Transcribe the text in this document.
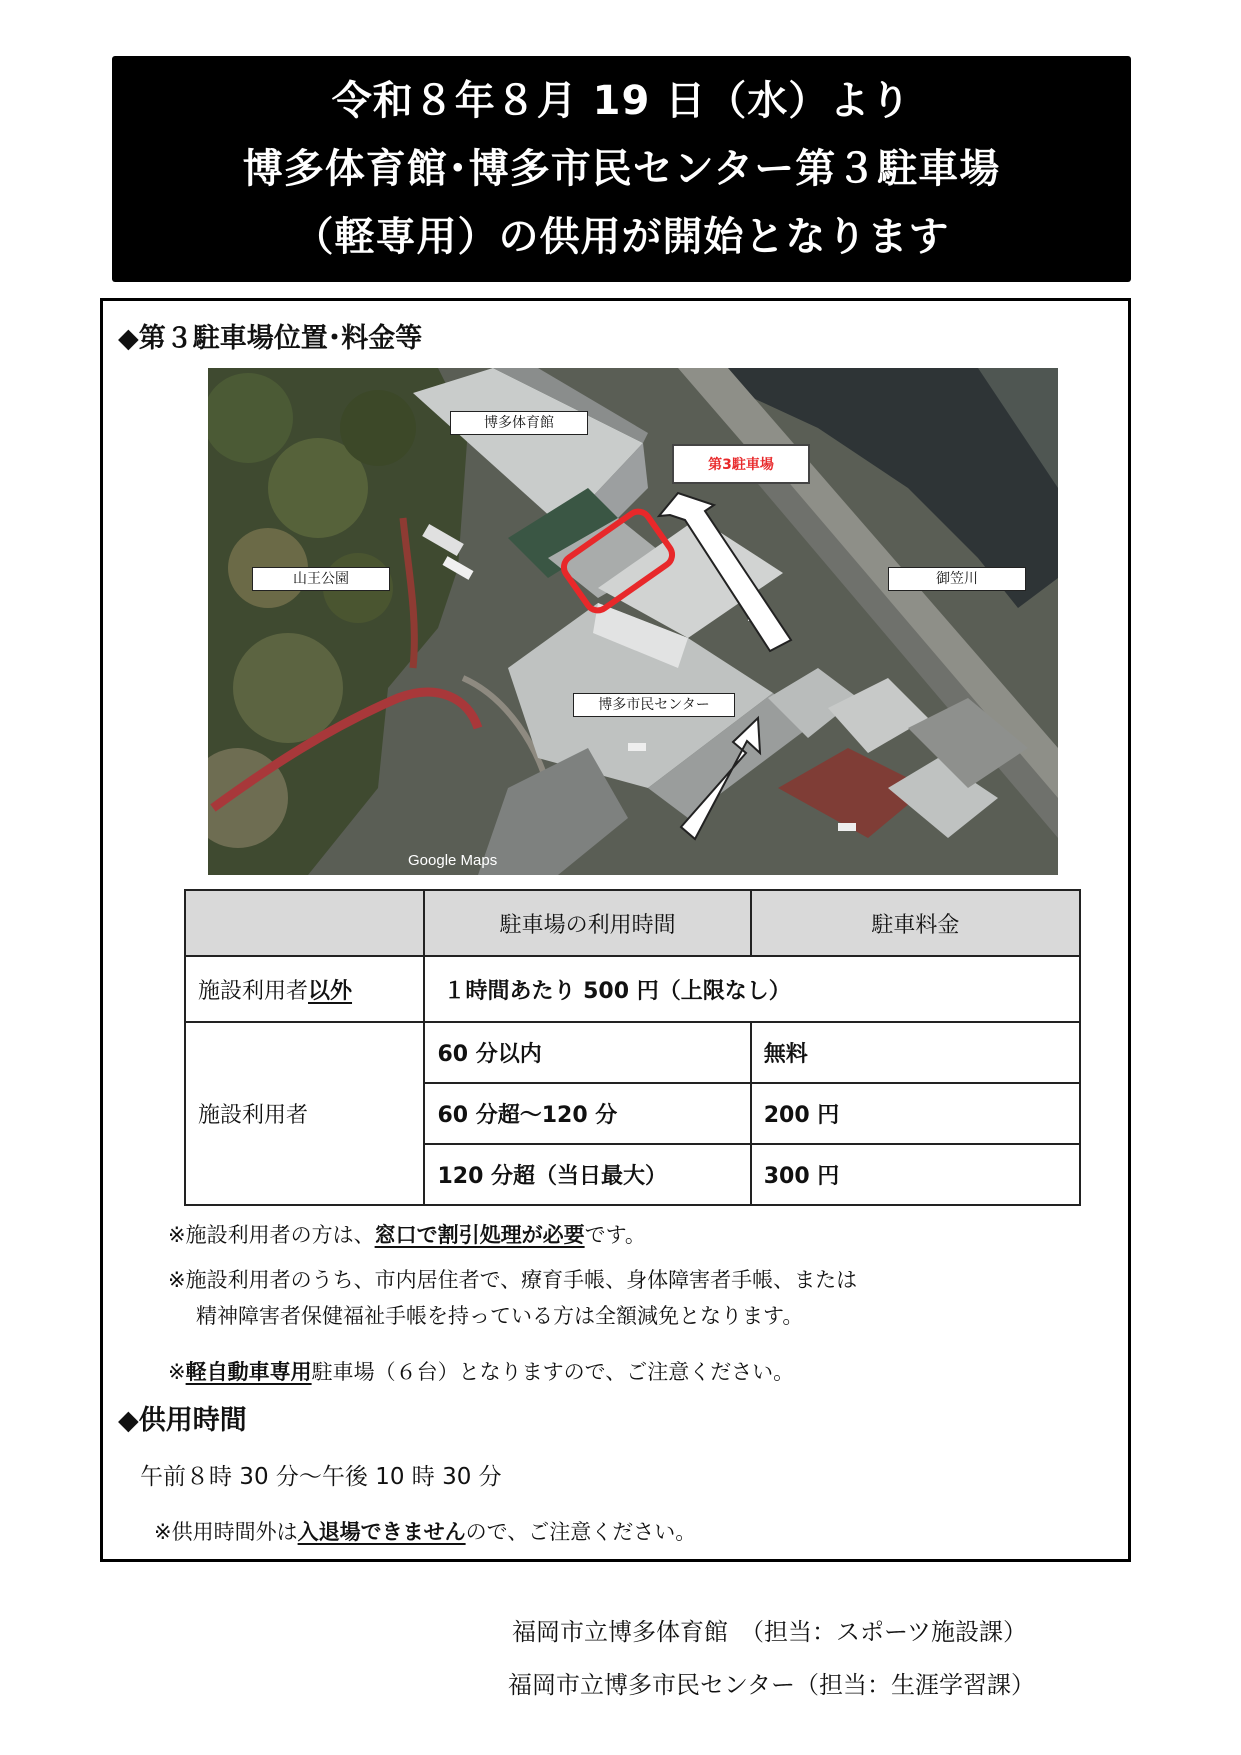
令和８年８月 19 日（水）より
博多体育館･博多市民センター第３駐車場
（軽専用）の供用が開始となります
◆第３駐車場位置･料金等
博多体育館
第3駐車場
山王公園	御笠川
博多市民センター
Google Maps
	駐車場の利用時間	駐車料金
施設利用者以外	１時間あたり 500 円（上限なし）	
施設利用者	60 分以内	無料
	60 分超～120 分	200 円
	120 分超（当日最大）	300 円
※施設利用者の方は、窓口で割引処理が必要です。
※施設利用者のうち、市内居住者で、療育手帳、身体障害者手帳、または
精神障害者保健福祉手帳を持っている方は全額減免となります。
※軽自動車専用駐車場（６台）となりますので、ご注意ください。
◆供用時間
午前８時 30 分～午後 10 時 30 分
※供用時間外は入退場できませんので、ご注意ください。
福岡市立博多体育館　（担当：スポーツ施設課）
福岡市立博多市民センター（担当：生涯学習課）
